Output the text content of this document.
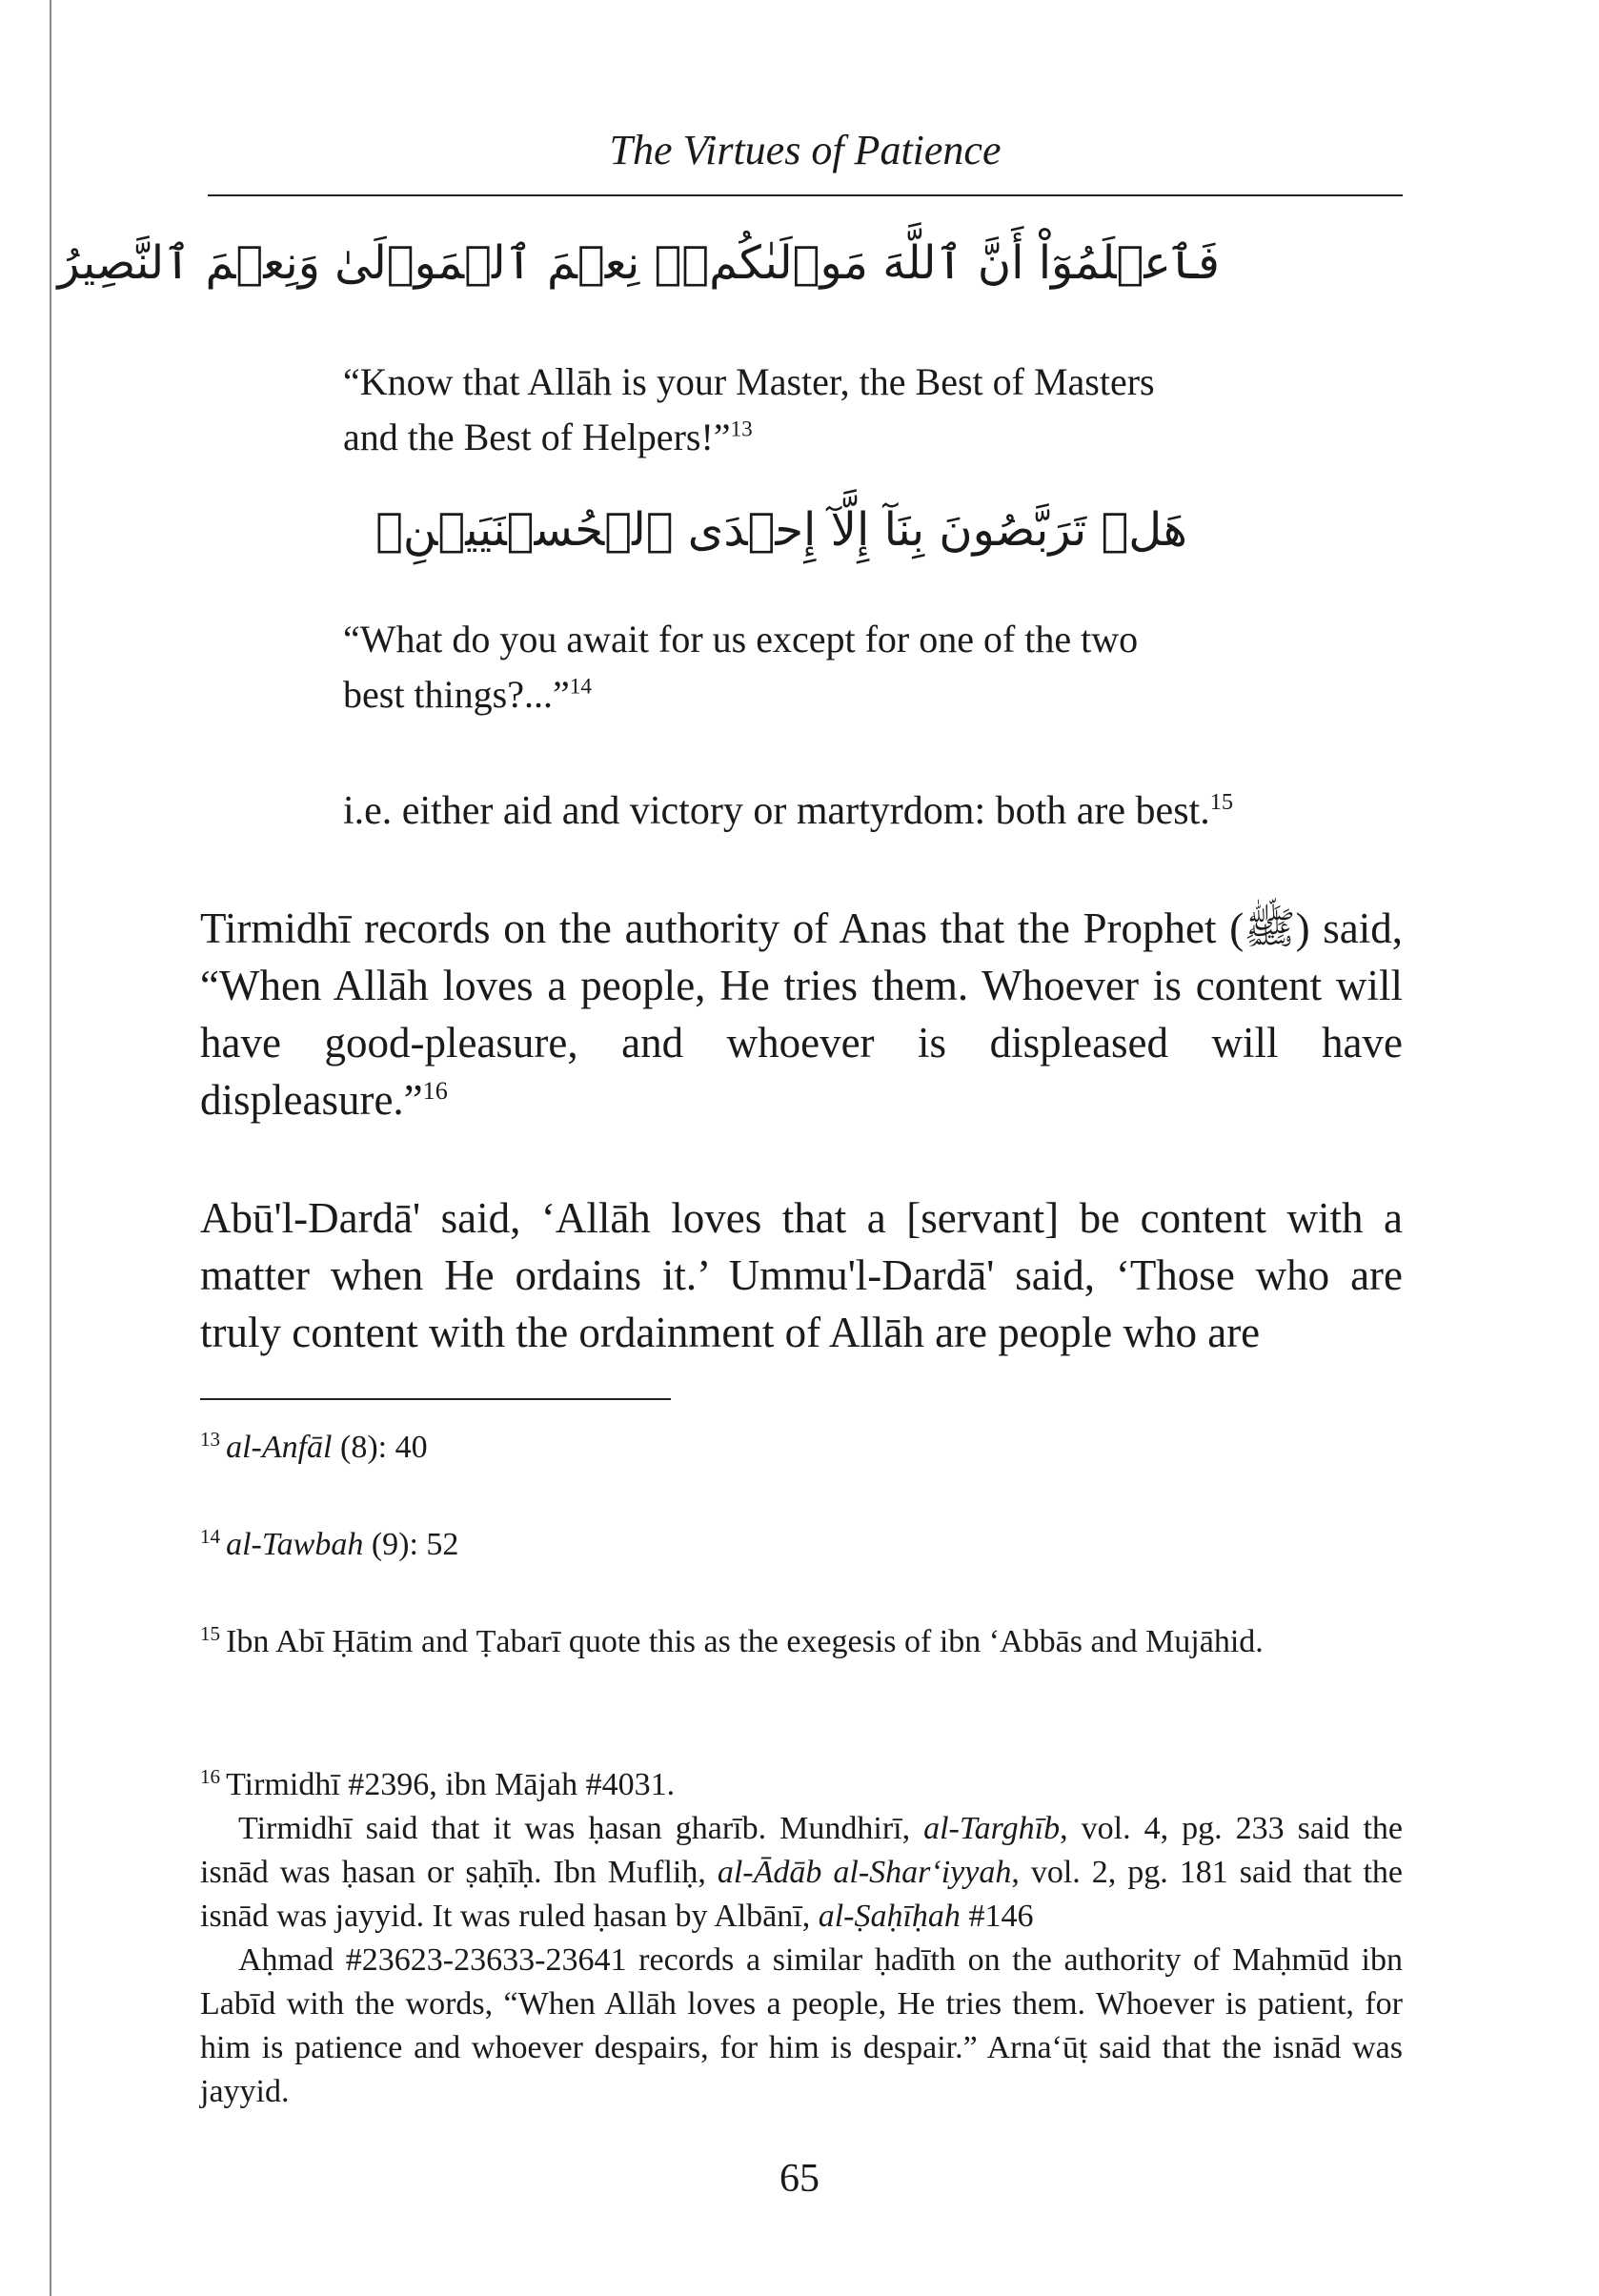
The Virtues of Patience
فَٱعۡلَمُوٓاْ أَنَّ ٱللَّهَ مَوۡلَىٰكُمۡۚ نِعۡمَ ٱلۡمَوۡلَىٰ وَنِعۡمَ ٱلنَّصِيرُ
“Know that Allāh is your Master, the Best of Masters
and the Best of Helpers!”$^{13}$
هَلۡ تَرَبَّصُونَ بِنَآ إِلَّآ إِحۡدَى ٱلۡحُسۡنَيَيۡنِۖ
“What do you await for us except for one of the two
best things?...”$^{14}$
i.e. either aid and victory or martyrdom: both are best.$^{15}$
Tirmidhī records on the authority of Anas that the Prophet (ﷺ) said, “When Allāh loves a people, He tries them. Whoever is content will have good-pleasure, and whoever is displeased will have displeasure.”$^{16}$
Abū'l-Dardā' said, ‘Allāh loves that a [servant] be content with a matter when He ordains it.’ Ummu'l-Dardā' said, ‘Those who are truly content with the ordainment of Allāh are people who are
$^{13}$ al-Anfāl (8): 40
$^{14}$ al-Tawbah (9): 52
$^{15}$ Ibn Abī Ḥātim and Ṭabarī quote this as the exegesis of ibn ‘Abbās and Mujāhid.
$^{16}$ Tirmidhī #2396, ibn Mājah #4031.
Tirmidhī said that it was ḥasan gharīb. Mundhirī, al-Targhīb, vol. 4, pg. 233 said the isnād was ḥasan or ṣaḥīḥ. Ibn Mufliḥ, al-Ādāb al-Shar‘iyyah, vol. 2, pg. 181 said that the isnād was jayyid. It was ruled ḥasan by Albānī, al-Ṣaḥīḥah #146
Aḥmad #23623-23633-23641 records a similar ḥadīth on the authority of Maḥmūd ibn Labīd with the words, “When Allāh loves a people, He tries them. Whoever is patient, for him is patience and whoever despairs, for him is despair.” Arna‘ūṭ said that the isnād was jayyid.
65
